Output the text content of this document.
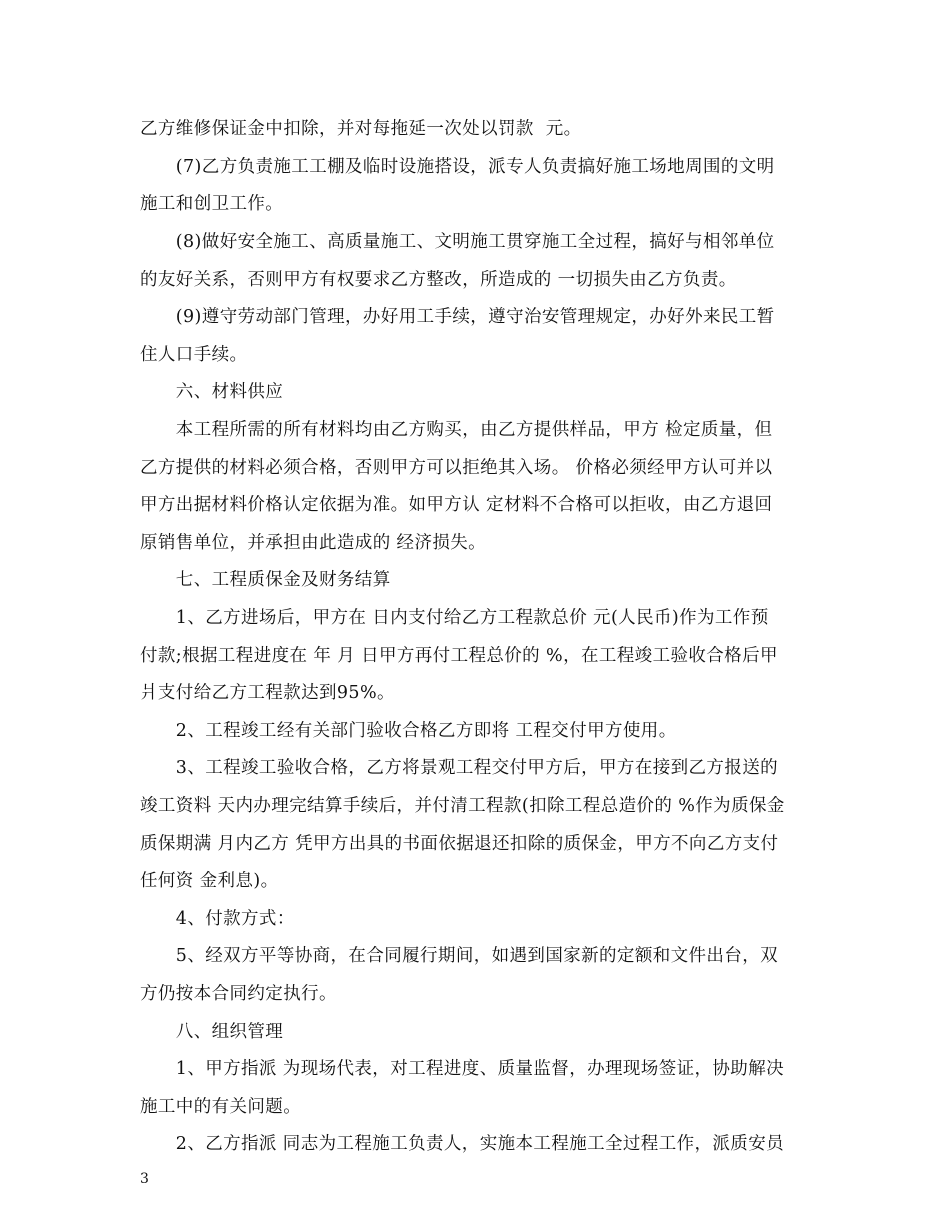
乙方维修保证金中扣除，并对每拖延一次处以罚款  元。
　　(7)乙方负责施工工棚及临时设施搭设，派专人负责搞好施工场地周围的文明
施工和创卫工作。
　　(8)做好安全施工、高质量施工、文明施工贯穿施工全过程，搞好与相邻单位
的友好关系，否则甲方有权要求乙方整改，所造成的 一切损失由乙方负责。
　　(9)遵守劳动部门管理，办好用工手续，遵守治安管理规定，办好外来民工暂
住人口手续。
　　六、材料供应
　　本工程所需的所有材料均由乙方购买，由乙方提供样品，甲方 检定质量，但
乙方提供的材料必须合格，否则甲方可以拒绝其入场。 价格必须经甲方认可并以
甲方出据材料价格认定依据为准。如甲方认 定材料不合格可以拒收，由乙方退回
原销售单位，并承担由此造成的 经济损失。
　　七、工程质保金及财务结算
　　1、乙方进场后，甲方在 日内支付给乙方工程款总价 元(人民币)作为工作预
付款;根据工程进度在 年 月 日甲方再付工程总价的 %，在工程竣工验收合格后甲
爿支付给乙方工程款达到95%。
　　2、工程竣工经有关部门验收合格乙方即将 工程交付甲方使用。
　　3、工程竣工验收合格，乙方将景观工程交付甲方后，甲方在接到乙方报送的
竣工资料 天内办理完结算手续后，并付清工程款(扣除工程总造价的 %作为质保金
质保期满 月内乙方 凭甲方出具的书面依据退还扣除的质保金，甲方不向乙方支付
任何资 金利息)。
　　4、付款方式：
　　5、经双方平等协商，在合同履行期间，如遇到国家新的定额和文件出台，双
方仍按本合同约定执行。
　　八、组织管理
　　1、甲方指派 为现场代表，对工程进度、质量监督，办理现场签证，协助解决
施工中的有关问题。
　　2、乙方指派 同志为工程施工负责人，实施本工程施工全过程工作，派质安员
3
